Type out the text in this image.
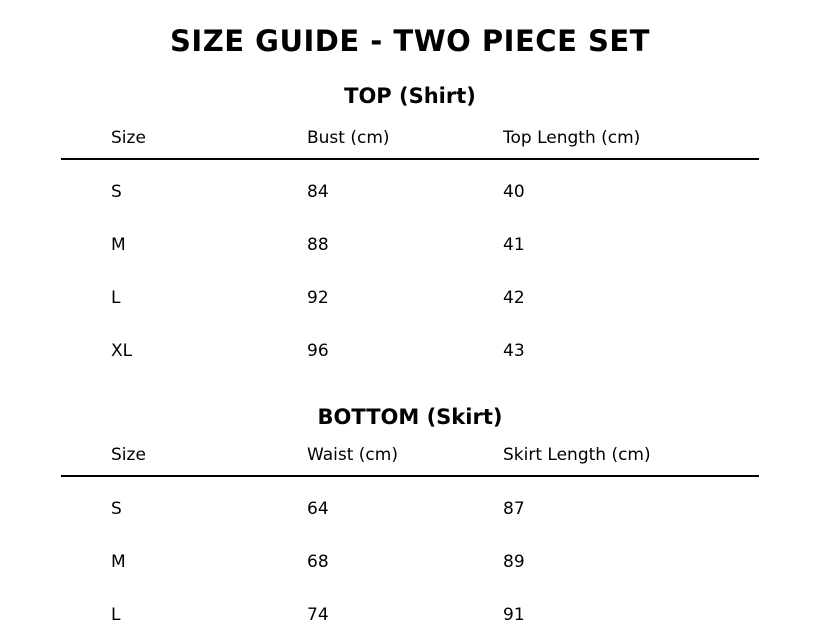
SIZE GUIDE - TWO PIECE SET
TOP (Shirt)
Size	Bust (cm)	Top Length (cm)
S	84	40
M	88	41
L	92	42
XL	96	43
BOTTOM (Skirt)
Size	Waist (cm)	Skirt Length (cm)
S	64	87
M	68	89
L	74	91
